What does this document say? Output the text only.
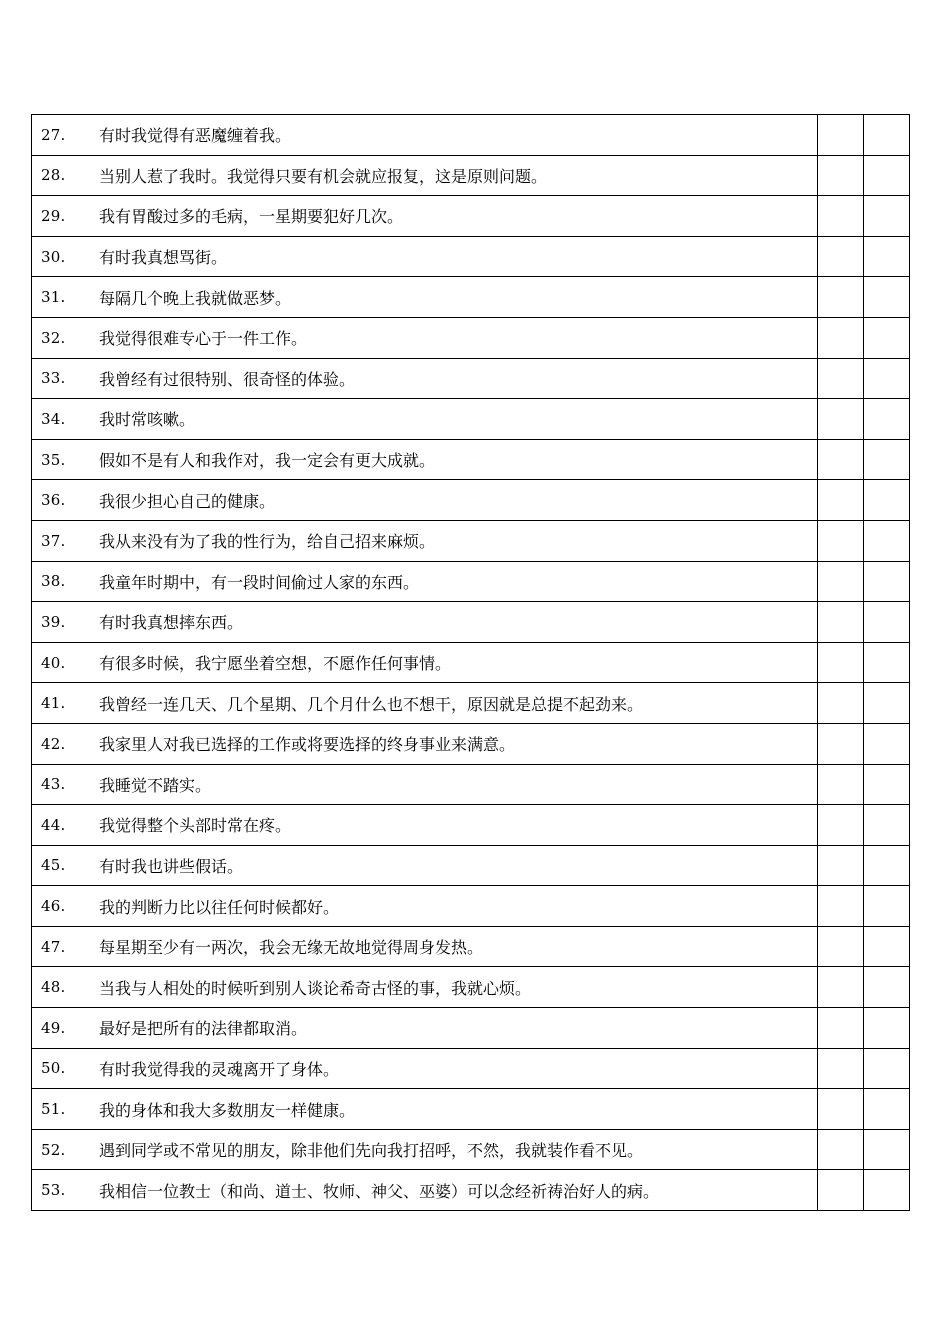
27. 有时我觉得有恶魔缠着我。		

28. 当别人惹了我时。我觉得只要有机会就应报复，这是原则问题。		

29. 我有胃酸过多的毛病，一星期要犯好几次。		

30. 有时我真想骂街。		

31. 每隔几个晚上我就做恶梦。		

32. 我觉得很难专心于一件工作。		

33. 我曾经有过很特别、很奇怪的体验。		

34. 我时常咳嗽。		

35. 假如不是有人和我作对，我一定会有更大成就。		

36. 我很少担心自己的健康。		

37. 我从来没有为了我的性行为，给自己招来麻烦。		

38. 我童年时期中，有一段时间偷过人家的东西。		

39. 有时我真想摔东西。		

40. 有很多时候，我宁愿坐着空想，不愿作任何事情。		

41. 我曾经一连几天、几个星期、几个月什么也不想干，原因就是总提不起劲来。		

42. 我家里人对我已选择的工作或将要选择的终身事业来满意。		

43. 我睡觉不踏实。		

44. 我觉得整个头部时常在疼。		

45. 有时我也讲些假话。		

46. 我的判断力比以往任何时候都好。		

47. 每星期至少有一两次，我会无缘无故地觉得周身发热。		

48. 当我与人相处的时候听到别人谈论希奇古怪的事，我就心烦。		

49. 最好是把所有的法律都取消。		

50. 有时我觉得我的灵魂离开了身体。		

51. 我的身体和我大多数朋友一样健康。		

52. 遇到同学或不常见的朋友，除非他们先向我打招呼，不然，我就装作看不见。		

53. 我相信一位教士（和尚、道士、牧师、神父、巫婆）可以念经祈祷治好人的病。		
